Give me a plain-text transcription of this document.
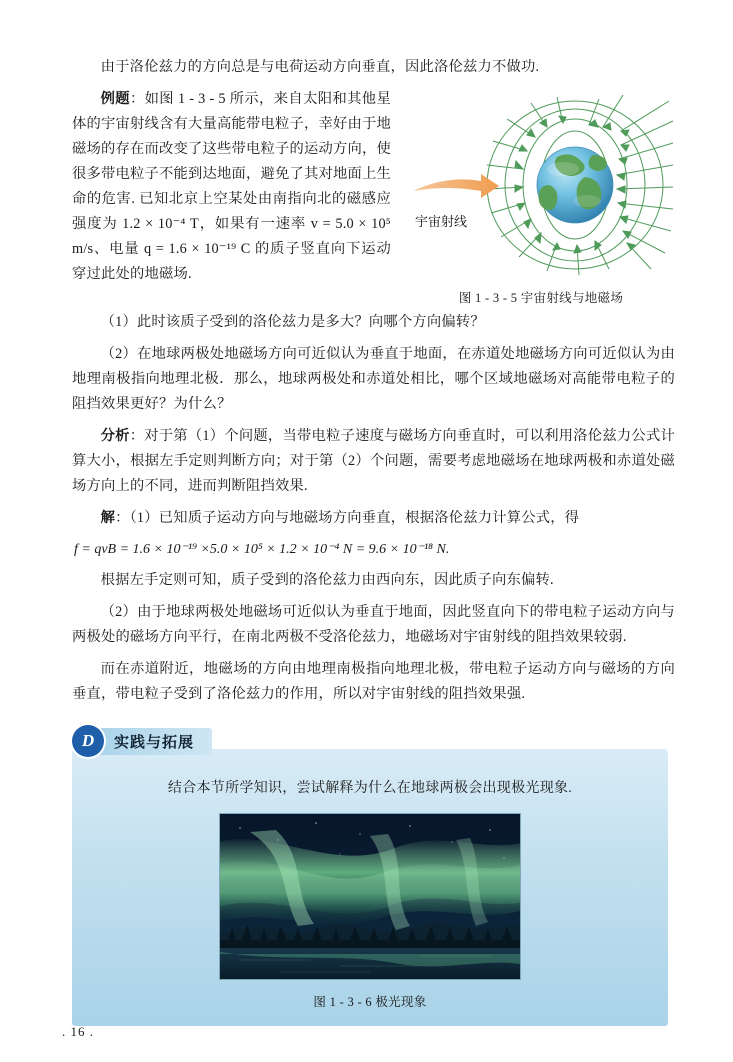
由于洛伦兹力的方向总是与电荷运动方向垂直，因此洛伦兹力不做功.

宇宙射线
图 1 - 3 - 5 宇宙射线与地磁场

例题：如图 1 - 3 - 5 所示，来自太阳和其他星体的宇宙射线含有大量高能带电粒子，幸好由于地磁场的存在而改变了这些带电粒子的运动方向，使很多带电粒子不能到达地面，避免了其对地面上生命的危害. 已知北京上空某处由南指向北的磁感应强度为 1.2 × 10⁻⁴ T，如果有一速率 v = 5.0 × 10⁵ m/s、电量 q = 1.6 × 10⁻¹⁹ C 的质子竖直向下运动穿过此处的地磁场.

（1）此时该质子受到的洛伦兹力是多大？向哪个方向偏转？

（2）在地球两极处地磁场方向可近似认为垂直于地面，在赤道处地磁场方向可近似认为由地理南极指向地理北极．那么，地球两极处和赤道处相比，哪个区域地磁场对高能带电粒子的阻挡效果更好？为什么？

分析：对于第（1）个问题，当带电粒子速度与磁场方向垂直时，可以利用洛伦兹力公式计算大小，根据左手定则判断方向；对于第（2）个问题，需要考虑地磁场在地球两极和赤道处磁场方向上的不同，进而判断阻挡效果.

解：（1）已知质子运动方向与地磁场方向垂直，根据洛伦兹力计算公式，得

f = qvB = 1.6 × 10⁻¹⁹ ×5.0 × 10⁵ × 1.2 × 10⁻⁴ N = 9.6 × 10⁻¹⁸ N.

根据左手定则可知，质子受到的洛伦兹力由西向东，因此质子向东偏转.

（2）由于地球两极处地磁场可近似认为垂直于地面，因此竖直向下的带电粒子运动方向与两极处的磁场方向平行，在南北两极不受洛伦兹力，地磁场对宇宙射线的阻挡效果较弱.

而在赤道附近，地磁场的方向由地理南极指向地理北极，带电粒子运动方向与磁场的方向垂直，带电粒子受到了洛伦兹力的作用，所以对宇宙射线的阻挡效果强.

D	实践与拓展
结合本节所学知识，尝试解释为什么在地球两极会出现极光现象.
图 1 - 3 - 6 极光现象
. 16 .
